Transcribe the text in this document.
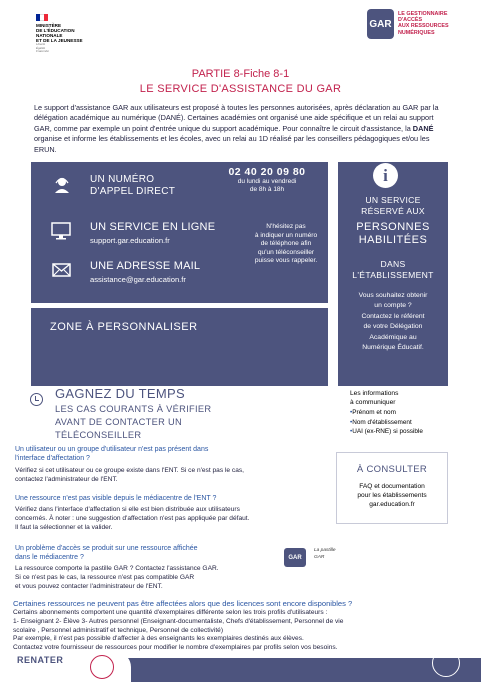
MINISTÈRE
DE L'ÉDUCATION
NATIONALE
ET DE LA JEUNESSE
Liberté
Égalité
Fraternité
GAR
LE GESTIONNAIRE
D'ACCÈS
AUX RESSOURCES
NUMÉRIQUES
PARTIE 8-Fiche 8-1
LE SERVICE D'ASSISTANCE DU GAR

Le support d'assistance GAR aux utilisateurs est proposé à toutes les personnes autorisées, après déclaration au GAR par la délégation académique au numérique (DANÉ). Certaines académies ont organisé une aide spécifique et un relai au support GAR, comme par exemple un point d'entrée unique du support académique. Pour connaître le circuit d'assistance, la DANÉ organise et informe les établissements et les écoles, avec un relai au 1D réalisé par les conseillers pédagogiques et/ou les ERUN.

UN NUMÉRO
D'APPEL DIRECT
02 40 20 09 80
du lundi au vendredi
de 8h à 18h
UN SERVICE EN LIGNE
support.gar.education.fr
N'hésitez pas
à indiquer un numéro
de téléphone afin
qu'un téléconseiller
puisse vous rappeler.
UNE ADRESSE MAIL
assistance@gar.education.fr
ZONE À PERSONNALISER
i
UN SERVICE
RÉSERVÉ AUX
PERSONNES
HABILITÉES
DANS
L'ÉTABLISSEMENT
Vous souhaitez obtenir
un compte ?
Contactez le référent
de votre Délégation
Académique au
Numérique Éducatif.
GAGNEZ DU TEMPS
LES CAS COURANTS À VÉRIFIER
AVANT DE CONTACTER UN
TÉLÉCONSEILLER
Les informations
à communiquer
• Prénom et nom
• Nom d'établissement
• UAI (ex-RNE) si possible
À CONSULTER
FAQ et documentation
pour les établissements
gar.education.fr
Un utilisateur ou un groupe d'utilisateur n'est pas présent dans
l'interface d'affectation ?
Vérifiez si cet utilisateur ou ce groupe existe dans l'ENT. Si ce n'est pas le cas,
contactez l'administrateur de l'ENT.
Une ressource n'est pas visible depuis le médiacentre de l'ENT ?
Vérifiez dans l'interface d'affectation si elle est bien distribuée aux utilisateurs
concernés. À noter : une suggestion d'affectation n'est pas appliquée par défaut.
Il faut la sélectionner et la valider.
Un problème d'accès se produit sur une ressource affichée
dans le médiacentre ?
La ressource comporte la pastille GAR ? Contactez l'assistance GAR.
Si ce n'est pas le cas, la ressource n'est pas compatible GAR
et vous pouvez contacter l'administrateur de l'ENT.
GAR
La pastille
GAR
Certaines ressources ne peuvent pas être affectées alors que des licences sont encore disponibles ?
Certains abonnements comportent une quantité d'exemplaires différente selon les trois profils d'utilisateurs :
1- Enseignant 2- Élève 3- Autres personnel (Enseignant-documentaliste, Chefs d'établissement, Personnel de vie
scolaire , Personnel administratif et technique, Personnel de collectivité)
Par exemple, il n'est pas possible d'affecter à des enseignants les exemplaires destinés aux élèves.
Contactez votre fournisseur de ressources pour modifier le nombre d'exemplaires par profils selon vos besoins.
RENATER
